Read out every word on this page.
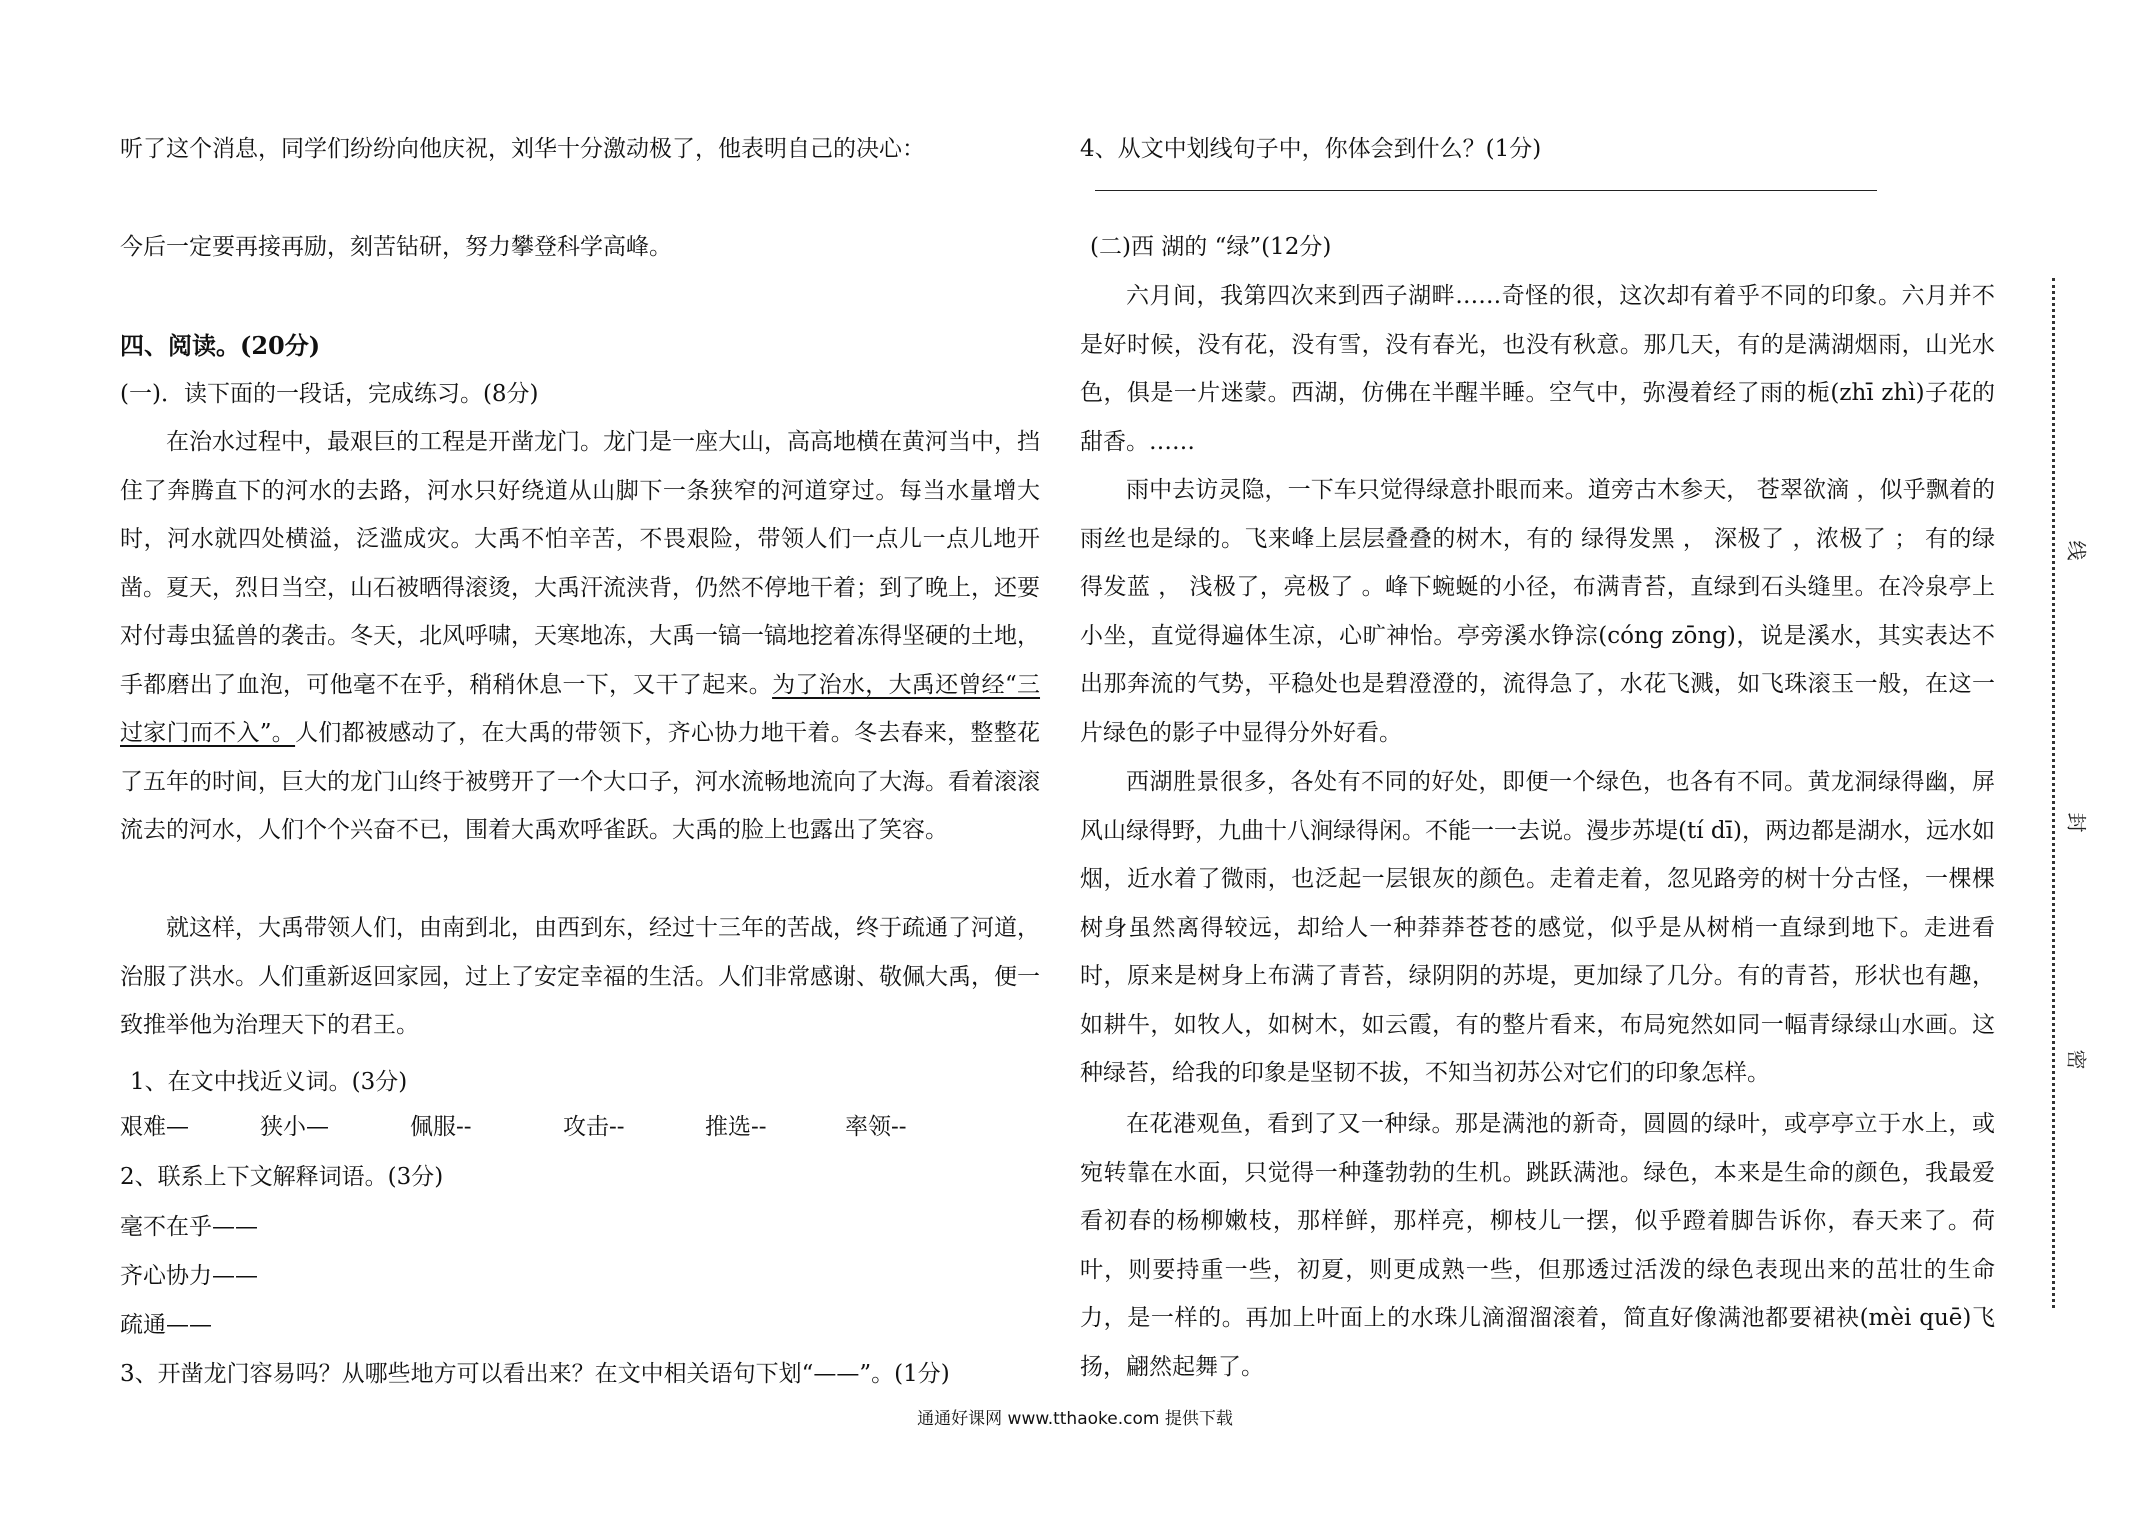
听了这个消息，同学们纷纷向他庆祝，刘华十分激动极了，他表明自己的决心：
今后一定要再接再励，刻苦钻研，努力攀登科学高峰。
四、阅读。(20分)
(一)．读下面的一段话，完成练习。(8分)
在治水过程中，最艰巨的工程是开凿龙门。龙门是一座大山，高高地横在黄河当中，挡住了奔腾直下的河水的去路，河水只好绕道从山脚下一条狭窄的河道穿过。每当水量增大时，河水就四处横溢，泛滥成灾。大禹不怕辛苦，不畏艰险，带领人们一点儿一点儿地开凿。夏天，烈日当空，山石被晒得滚烫，大禹汗流浃背，仍然不停地干着；到了晚上，还要对付毒虫猛兽的袭击。冬天，北风呼啸，天寒地冻，大禹一镐一镐地挖着冻得坚硬的土地，手都磨出了血泡，可他毫不在乎，稍稍休息一下，又干了起来。为了治水，大禹还曾经“三过家门而不入”。人们都被感动了，在大禹的带领下，齐心协力地干着。冬去春来，整整花了五年的时间，巨大的龙门山终于被劈开了一个大口子，河水流畅地流向了大海。看着滚滚流去的河水，人们个个兴奋不已，围着大禹欢呼雀跃。大禹的脸上也露出了笑容。
就这样，大禹带领人们，由南到北，由西到东，经过十三年的苦战，终于疏通了河道，治服了洪水。人们重新返回家园，过上了安定幸福的生活。人们非常感谢、敬佩大禹，便一致推举他为治理天下的君王。
1、在文中找近义词。(3分)
艰难—	狭小—	佩服--	攻击--	推选--	率领--
2、联系上下文解释词语。(3分)
毫不在乎——
齐心协力——
疏通——
3、开凿龙门容易吗？从哪些地方可以看出来？在文中相关语句下划“——”。(1分)
4、从文中划线句子中，你体会到什么？(1分)
(二)西 湖的 “绿”(12分)
六月间，我第四次来到西子湖畔……奇怪的很，这次却有着乎不同的印象。六月并不是好时候，没有花，没有雪，没有春光，也没有秋意。那几天，有的是满湖烟雨，山光水色，俱是一片迷蒙。西湖，仿佛在半醒半睡。空气中，弥漫着经了雨的栀(zhī zhì)子花的甜香。……
雨中去访灵隐，一下车只觉得绿意扑眼而来。道旁古木参天， 苍翠欲滴 ，似乎飘着的雨丝也是绿的。飞来峰上层层叠叠的树木，有的 绿得发黑 ， 深极了 ，浓极了 ； 有的绿得发蓝 ， 浅极了，亮极了 。峰下蜿蜒的小径，布满青苔，直绿到石头缝里。在冷泉亭上小坐，直觉得遍体生凉，心旷神怡。亭旁溪水铮淙(cóng zōng)，说是溪水，其实表达不出那奔流的气势，平稳处也是碧澄澄的，流得急了，水花飞溅，如飞珠滚玉一般，在这一片绿色的影子中显得分外好看。
西湖胜景很多，各处有不同的好处，即便一个绿色，也各有不同。黄龙洞绿得幽，屏风山绿得野，九曲十八涧绿得闲。不能一一去说。漫步苏堤(tí dī)，两边都是湖水，远水如烟，近水着了微雨，也泛起一层银灰的颜色。走着走着，忽见路旁的树十分古怪，一棵棵树身虽然离得较远，却给人一种莽莽苍苍的感觉，似乎是从树梢一直绿到地下。走进看时，原来是树身上布满了青苔，绿阴阴的苏堤，更加绿了几分。有的青苔，形状也有趣，如耕牛，如牧人，如树木，如云霞，有的整片看来，布局宛然如同一幅青绿绿山水画。这种绿苔，给我的印象是坚韧不拔，不知当初苏公对它们的印象怎样。
在花港观鱼，看到了又一种绿。那是满池的新奇，圆圆的绿叶，或亭亭立于水上，或宛转靠在水面，只觉得一种蓬勃勃的生机。跳跃满池。绿色，本来是生命的颜色，我最爱看初春的杨柳嫩枝，那样鲜，那样亮，柳枝儿一摆，似乎蹬着脚告诉你，春天来了。荷叶，则要持重一些，初夏，则更成熟一些，但那透过活泼的绿色表现出来的茁壮的生命力，是一样的。再加上叶面上的水珠儿滴溜溜滚着，简直好像满池都要裙袂(mèi quē)飞扬，翩然起舞了。
线
封
密
通通好课网 www.tthaoke.com 提供下载
